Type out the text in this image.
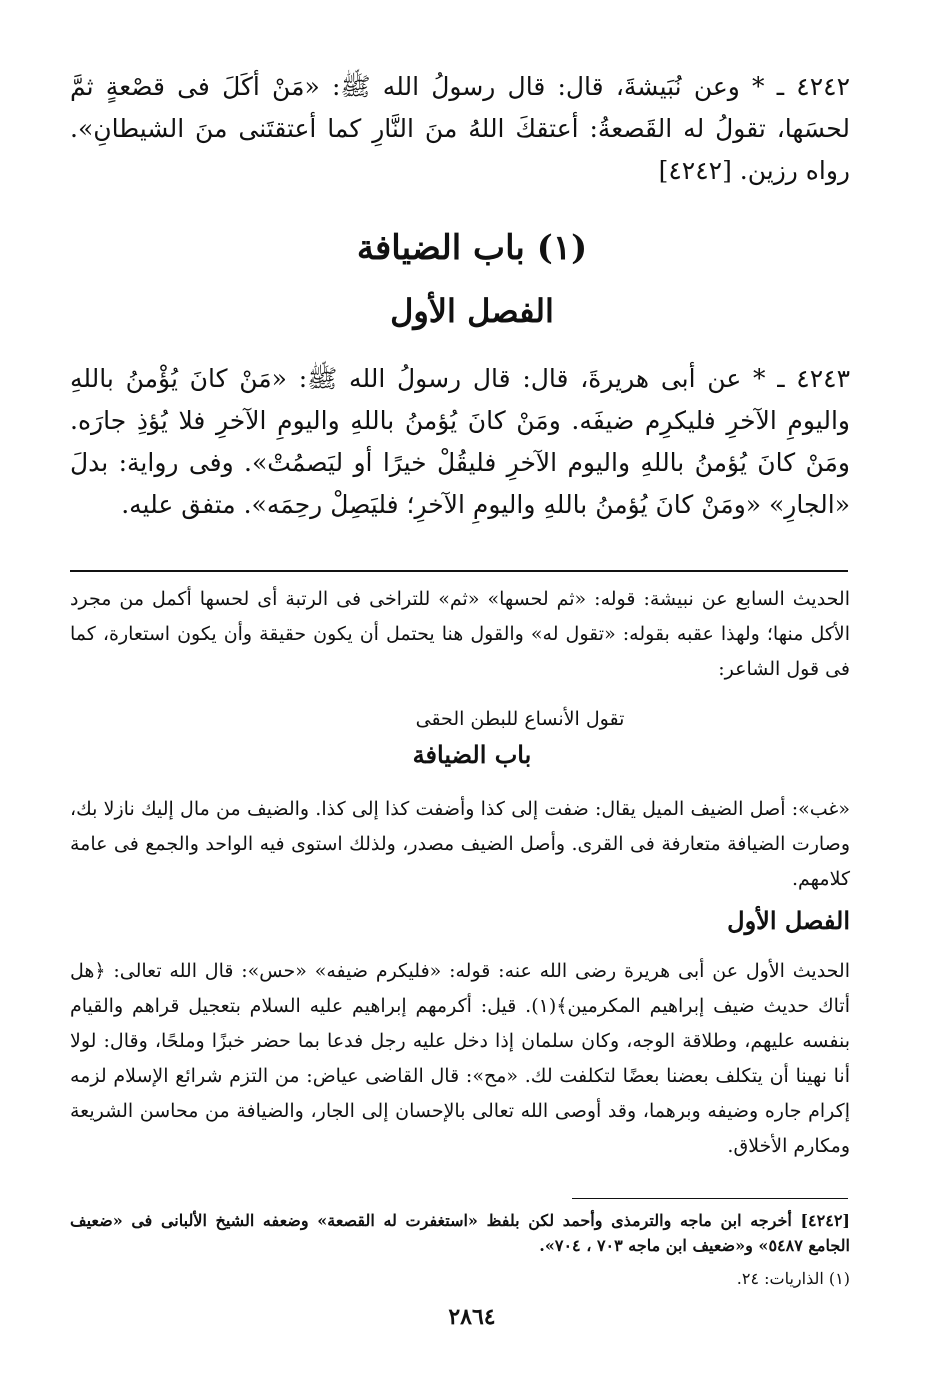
٤٢٤٢ ـ * وعن نُبَيشةَ، قال: قال رسولُ الله ﷺ: «مَنْ أكَلَ فى قصْعةٍ ثمَّ لحسَها، تقولُ له القَصعةُ: أعتقكَ اللهُ منَ النَّارِ كما أعتقتَنى منَ الشيطانِ». رواه رزين. [٤٢٤٢]
(١) باب الضيافة
الفصل الأول
٤٢٤٣ ـ * عن أبى هريرةَ، قال: قال رسولُ الله ﷺ: «مَنْ كانَ يُؤْمنُ باللهِ واليومِ الآخرِ فليكرِم ضيفَه. ومَنْ كانَ يُؤمنُ باللهِ واليومِ الآخرِ فلا يُؤذِ جارَه. ومَنْ كانَ يُؤمنُ باللهِ واليوم الآخرِ فليقُلْ خيرًا أو ليَصمُتْ». وفى رواية: بدلَ «الجارِ» «ومَنْ كانَ يُؤمنُ باللهِ واليومِ الآخرِ؛ فليَصِلْ رحِمَه». متفق عليه.
الحديث السابع عن نبيشة: قوله: «ثم لحسها» «ثم» للتراخى فى الرتبة أى لحسها أكمل من مجرد الأكل منها؛ ولهذا عقبه بقوله: «تقول له» والقول هنا يحتمل أن يكون حقيقة وأن يكون استعارة، كما فى قول الشاعر:
تقول الأنساع للبطن الحقى
باب الضيافة
«غب»: أصل الضيف الميل يقال: ضفت إلى كذا وأضفت كذا إلى كذا. والضيف من مال إليك نازلا بك، وصارت الضيافة متعارفة فى القرى. وأصل الضيف مصدر، ولذلك استوى فيه الواحد والجمع فى عامة كلامهم.
الفصل الأول
الحديث الأول عن أبى هريرة رضى الله عنه: قوله: «فليكرم ضيفه» «حس»: قال الله تعالى: ﴿هل أتاك حديث ضيف إبراهيم المكرمين﴾(١). قيل: أكرمهم إبراهيم عليه السلام بتعجيل قراهم والقيام بنفسه عليهم، وطلاقة الوجه، وكان سلمان إذا دخل عليه رجل فدعا بما حضر خبزًا وملحًا، وقال: لولا أنا نهينا أن يتكلف بعضنا بعضًا لتكلفت لك. «مح»: قال القاضى عياض: من التزم شرائع الإسلام لزمه إكرام جاره وضيفه وبرهما، وقد أوصى الله تعالى بالإحسان إلى الجار، والضيافة من محاسن الشريعة ومكارم الأخلاق.
[٤٢٤٢] أخرجه ابن ماجه والترمذى وأحمد لكن بلفظ «استغفرت له القصعة» وضعفه الشيخ الألبانى فى «ضعيف الجامع ٥٤٨٧» و«ضعيف ابن ماجه ٧٠٣ ، ٧٠٤».
(١) الذاريات: ٢٤.
٢٨٦٤
